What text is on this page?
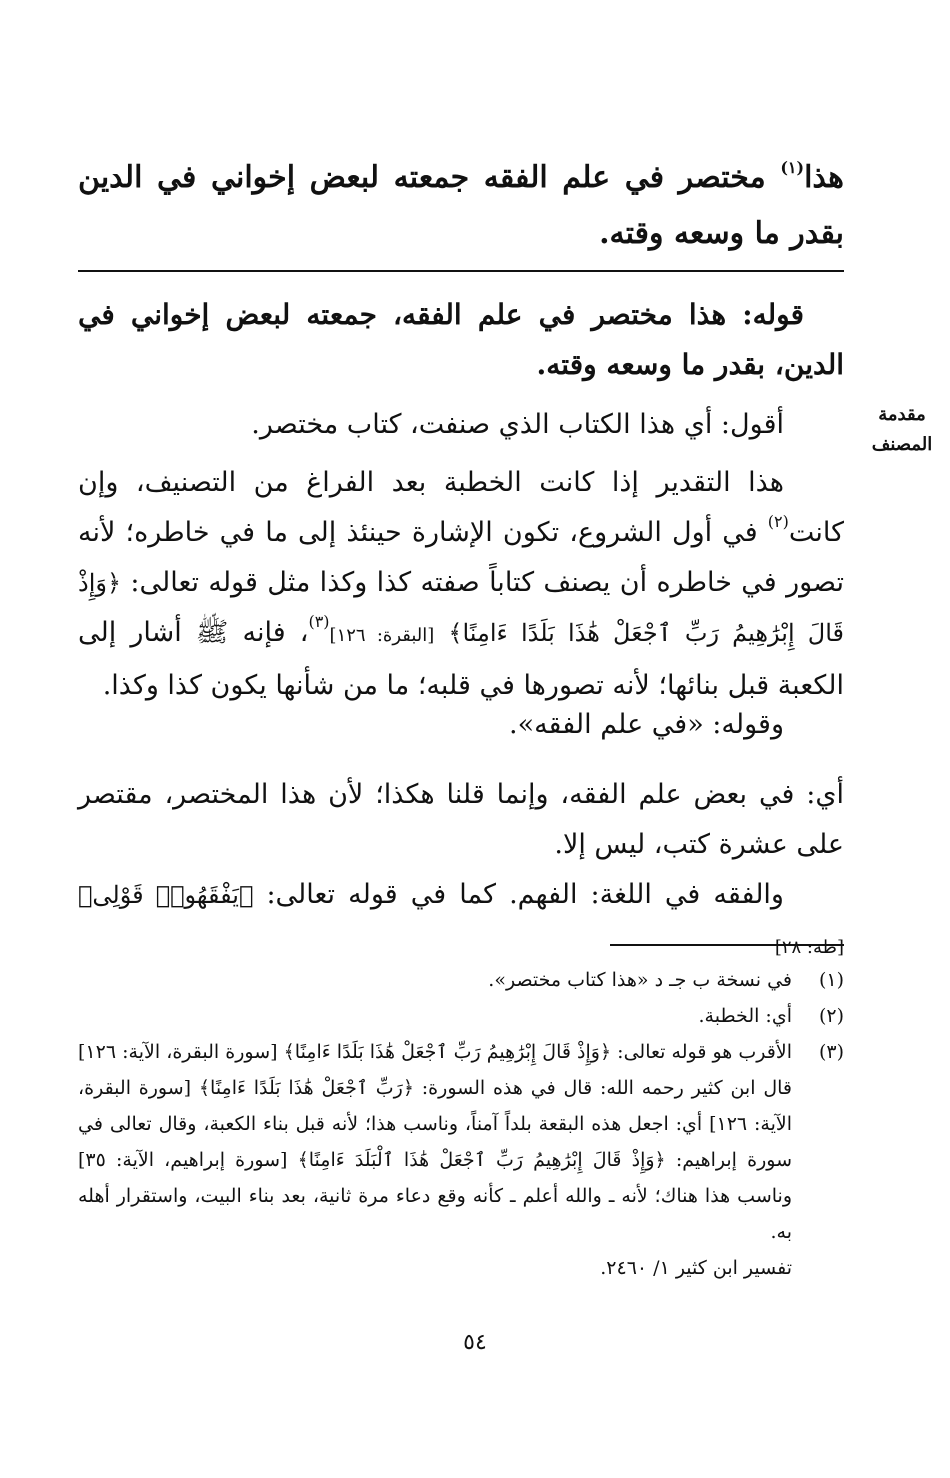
هذا$^{(١)}$ مختصر في علم الفقه جمعته لبعض إخواني في الدين بقدر ما وسعه وقته.
قوله: هذا مختصر في علم الفقه، جمعته لبعض إخواني في الدين، بقدر ما وسعه وقته.
مقدمة
المصنف
أقول: أي هذا الكتاب الذي صنفت، كتاب مختصر.
هذا التقدير إذا كانت الخطبة بعد الفراغ من التصنيف، وإن كانت$^{(٢)}$ في أول الشروع، تكون الإشارة حينئذ إلى ما في خاطره؛ لأنه تصور في خاطره أن يصنف كتاباً صفته كذا وكذا مثل قوله تعالى: ﴿وَإِذْ قَالَ إِبْرَٰهِيمُ رَبِّ ٱجْعَلْ هَٰذَا بَلَدًا ءَامِنًا﴾ [البقرة: ١٢٦]$^{(٣)}$، فإنه ﷺ أشار إلى الكعبة قبل بنائها؛ لأنه تصورها في قلبه؛ ما من شأنها يكون كذا وكذا.
وقوله: «في علم الفقه».
أي: في بعض علم الفقه، وإنما قلنا هكذا؛ لأن هذا المختصر، مقتصر على عشرة كتب، ليس إلا.
والفقه في اللغة: الفهم. كما في قوله تعالى: ﴿يَفْقَهُوا۟ قَوْلِى﴾ [طه: ٢٨]
(١)
في نسخة ب جـ د «هذا كتاب مختصر».
(٢)
أي: الخطبة.
(٣)
الأقرب هو قوله تعالى: ﴿وَإِذْ قَالَ إِبْرَٰهِيمُ رَبِّ ٱجْعَلْ هَٰذَا بَلَدًا ءَامِنًا﴾ [سورة البقرة، الآية: ١٢٦] قال ابن كثير رحمه الله: قال في هذه السورة: ﴿رَبِّ ٱجْعَلْ هَٰذَا بَلَدًا ءَامِنًا﴾ [سورة البقرة، الآية: ١٢٦] أي: اجعل هذه البقعة بلداً آمناً، وناسب هذا؛ لأنه قبل بناء الكعبة، وقال تعالى في سورة إبراهيم: ﴿وَإِذْ قَالَ إِبْرَٰهِيمُ رَبِّ ٱجْعَلْ هَٰذَا ٱلْبَلَدَ ءَامِنًا﴾ [سورة إبراهيم، الآية: ٣٥] وناسب هذا هناك؛ لأنه ـ والله أعلم ـ كأنه وقع دعاء مرة ثانية، بعد بناء البيت، واستقرار أهله به.
تفسير ابن كثير ١/ ٢٤٦٠.
٥٤
